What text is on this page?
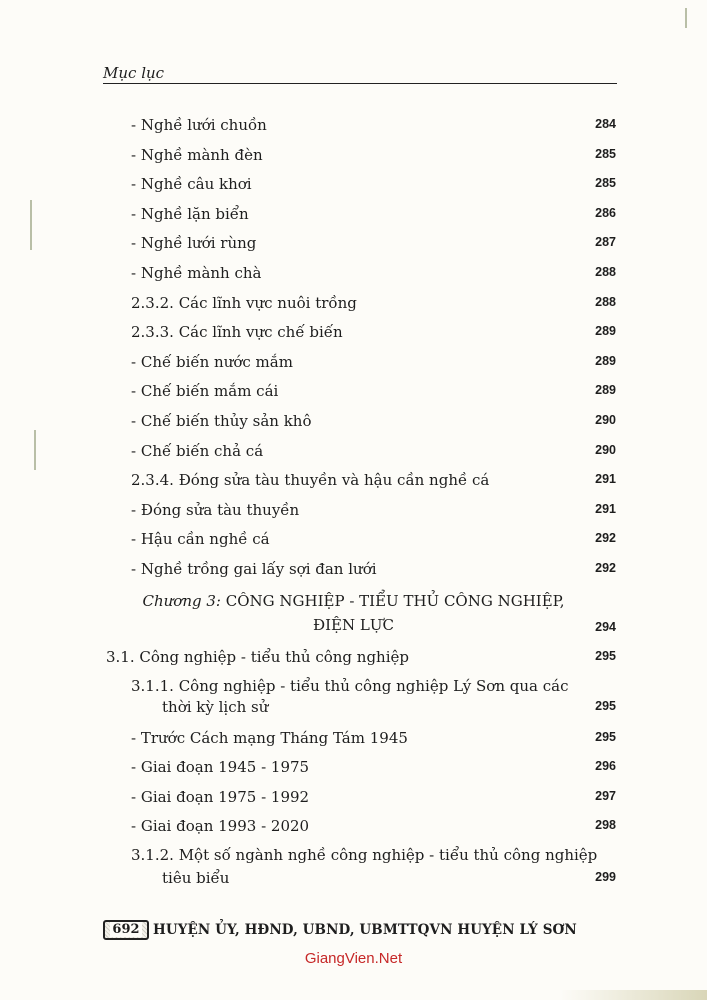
Mục lục
- Nghề lưới chuồn	284
- Nghề mành đèn	285
- Nghề câu khơi	285
- Nghề lặn biển	286
- Nghề lưới rùng	287
- Nghề mành chà	288
2.3.2. Các lĩnh vực nuôi trồng	288
2.3.3. Các lĩnh vực chế biến	289
- Chế biến nước mắm	289
- Chế biến mắm cái	289
- Chế biến thủy sản khô	290
- Chế biến chả cá	290
2.3.4. Đóng sửa tàu thuyền và hậu cần nghề cá	291
- Đóng sửa tàu thuyền	291
- Hậu cần nghề cá	292
- Nghề trồng gai lấy sợi đan lưới	292
Chương 3: CÔNG NGHIỆP - TIỂU THỦ CÔNG NGHIỆP,
ĐIỆN LỰC	294
3.1. Công nghiệp - tiểu thủ công nghiệp	295
3.1.1. Công nghiệp - tiểu thủ công nghiệp Lý Sơn qua các
thời kỳ lịch sử	295
- Trước Cách mạng Tháng Tám 1945	295
- Giai đoạn 1945 - 1975	296
- Giai đoạn 1975 - 1992	297
- Giai đoạn 1993 - 2020	298
3.1.2. Một số ngành nghề công nghiệp - tiểu thủ công nghiệp
tiêu biểu	299
692 HUYỆN ỦY, HĐND, UBND, UBMTTQVN HUYỆN LÝ SƠN
GiangVien.Net
